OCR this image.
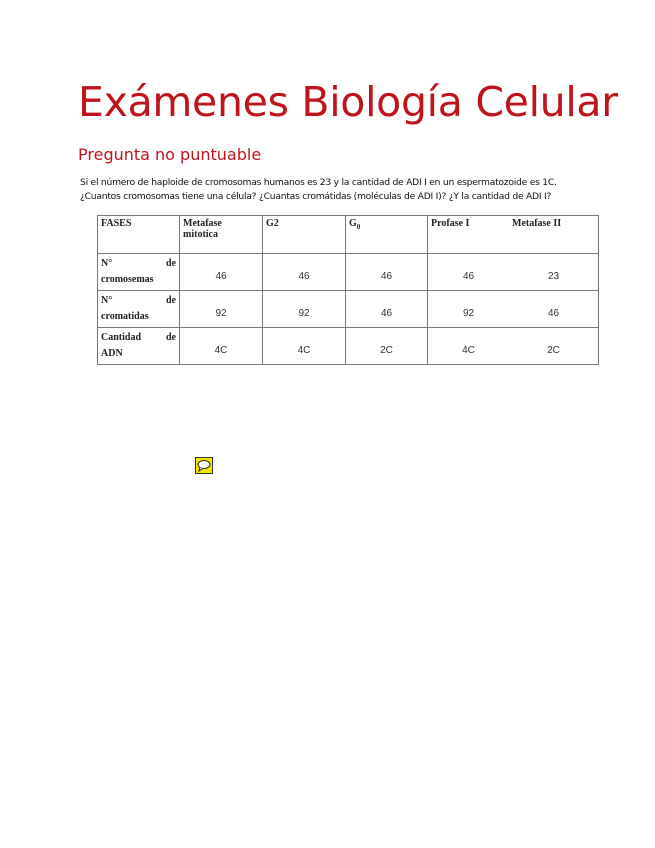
Exámenes Biología Celular
Pregunta no puntuable
Si el número de haploide de cromosomas humanos es 23 y la cantidad de ADI I en un espermatozoide es 1C.
¿Cuantos cromosomas tiene una célula? ¿Cuantas cromátidas (moléculas de ADI I)? ¿Y la cantidad de ADI I?
FASES	Metafase mitotica	G2	$G_0$	Profase I	Metafase II
N° de
cromosemas	46	46	46	46	23
N° de
cromatidas	92	92	46	92	46
Cantidad de
ADN	4C	4C	2C	4C	2C
